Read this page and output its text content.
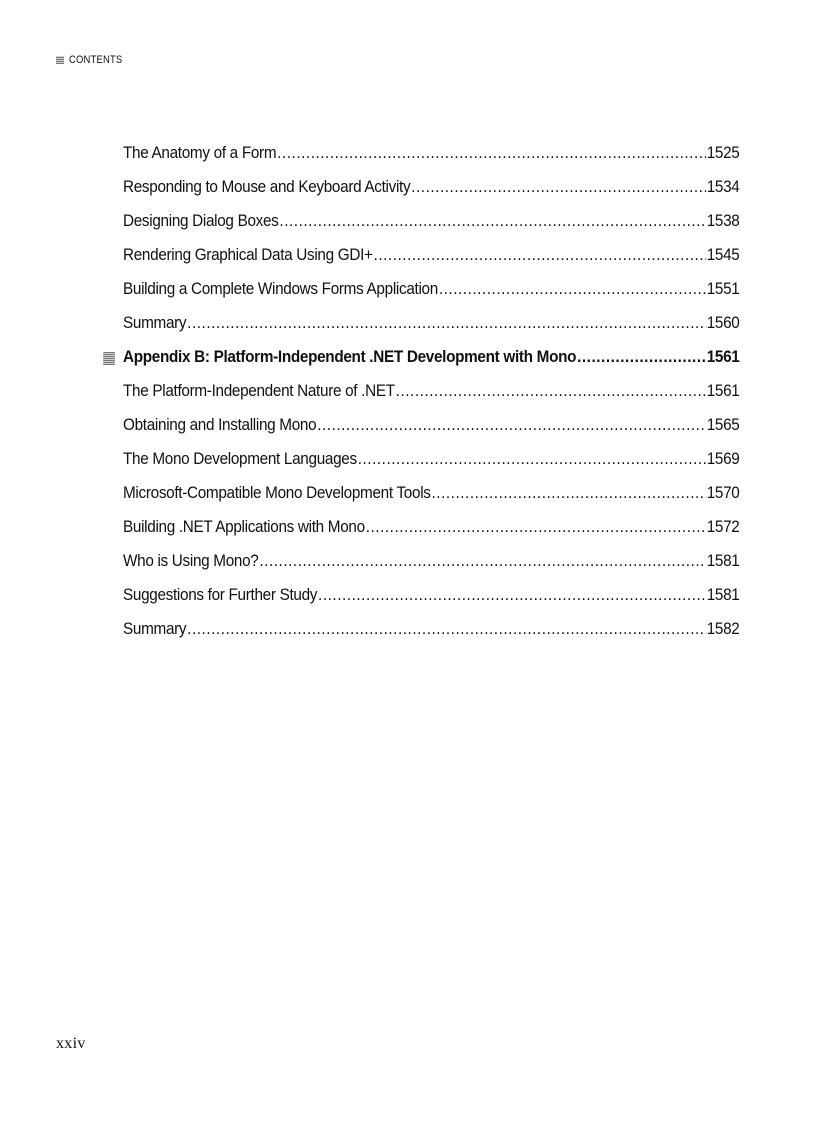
CONTENTS
The Anatomy of a Form .....	1525
Responding to Mouse and Keyboard Activity .....	1534
Designing Dialog Boxes .....	1538
Rendering Graphical Data Using GDI+ .....	1545
Building a Complete Windows Forms Application .....	1551
Summary .....	1560
Appendix B: Platform-Independent .NET Development with Mono .....	1561
The Platform-Independent Nature of .NET .....	1561
Obtaining and Installing Mono .....	1565
The Mono Development Languages .....	1569
Microsoft-Compatible Mono Development Tools .....	1570
Building .NET Applications with Mono .....	1572
Who is Using Mono? .....	1581
Suggestions for Further Study .....	1581
Summary .....	1582
xxiv
